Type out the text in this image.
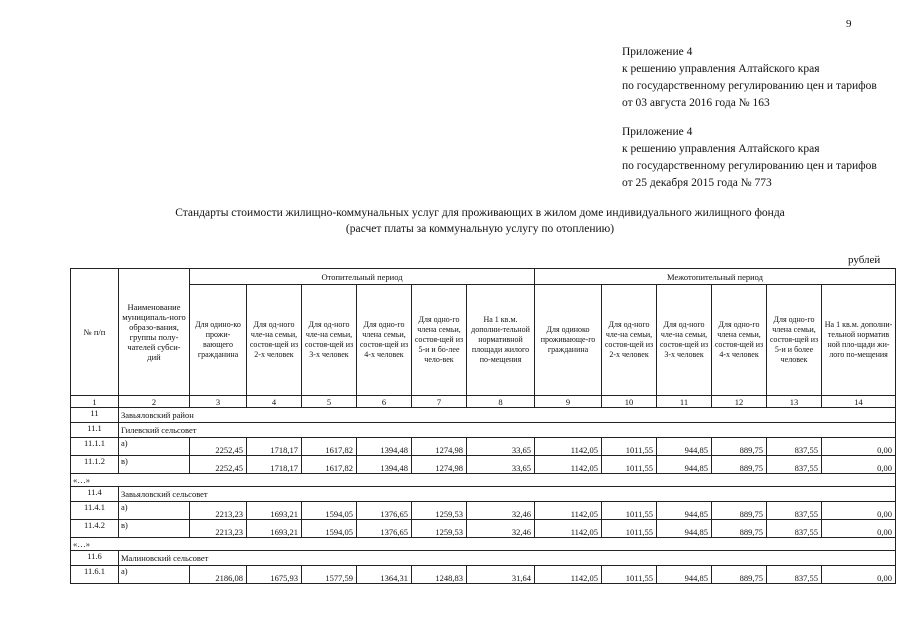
9
Приложение 4
к решению управления Алтайского края
по государственному регулированию цен и тарифов
от 03 августа 2016 года № 163
Приложение 4
к решению управления Алтайского края
по государственному регулированию цен и тарифов
от 25 декабря 2015 года № 773
Стандарты стоимости жилищно-коммунальных услуг для проживающих в жилом доме индивидуального жилищного фонда
(расчет платы за коммунальную услугу по отоплению)
рублей
№ п/п	Наименование муниципаль-ного образо-вания, группы полу-чателей субси-дий	Отопительный период						Межотопительный период					
		Для одино-ко прожи-вающего гражданина	Для од-ного чле-на семьи, состоя-щей из 2-х человек	Для од-ного чле-на семьи, состоя-щей из 3-х человек	Для одно-го члена семьи, состоя-щей из 4-х человек	Для одно-го члена семьи, состоя-щей из 5-и и бо-лее чело-век	На 1 кв.м. дополни-тельной нормативной площади жилого по-мещения	Для одиноко проживающе-го гражданина	Для од-ного чле-на семьи, состоя-щей из 2-х человек	Для од-ного чле-на семьи, состоя-щей из 3-х человек	Для одно-го члена семьи, состоя-щей из 4-х человек	Для одно-го члена семьи, состоя-щей из 5-и и более человек	На 1 кв.м. дополни-тельной норматив ной пло-щади жи-лого по-мещения
1	2	3	4	5	6	7	8	9	10	11	12	13	14
11	Завьяловский район												
11.1	Гилевский сельсовет												
11.1.1	а)	2252,45	1718,17	1617,82	1394,48	1274,98	33,65	1142,05	1011,55	944,85	889,75	837,55	0,00
11.1.2	в)	2252,45	1718,17	1617,82	1394,48	1274,98	33,65	1142,05	1011,55	944,85	889,75	837,55	0,00
«…»													
11.4	Завьяловский сельсовет												
11.4.1	а)	2213,23	1693,21	1594,05	1376,65	1259,53	32,46	1142,05	1011,55	944,85	889,75	837,55	0,00
11.4.2	в)	2213,23	1693,21	1594,05	1376,65	1259,53	32,46	1142,05	1011,55	944,85	889,75	837,55	0,00
«…»													
11.6	Малиновский сельсовет												
11.6.1	а)	2186,08	1675,93	1577,59	1364,31	1248,83	31,64	1142,05	1011,55	944,85	889,75	837,55	0,00
